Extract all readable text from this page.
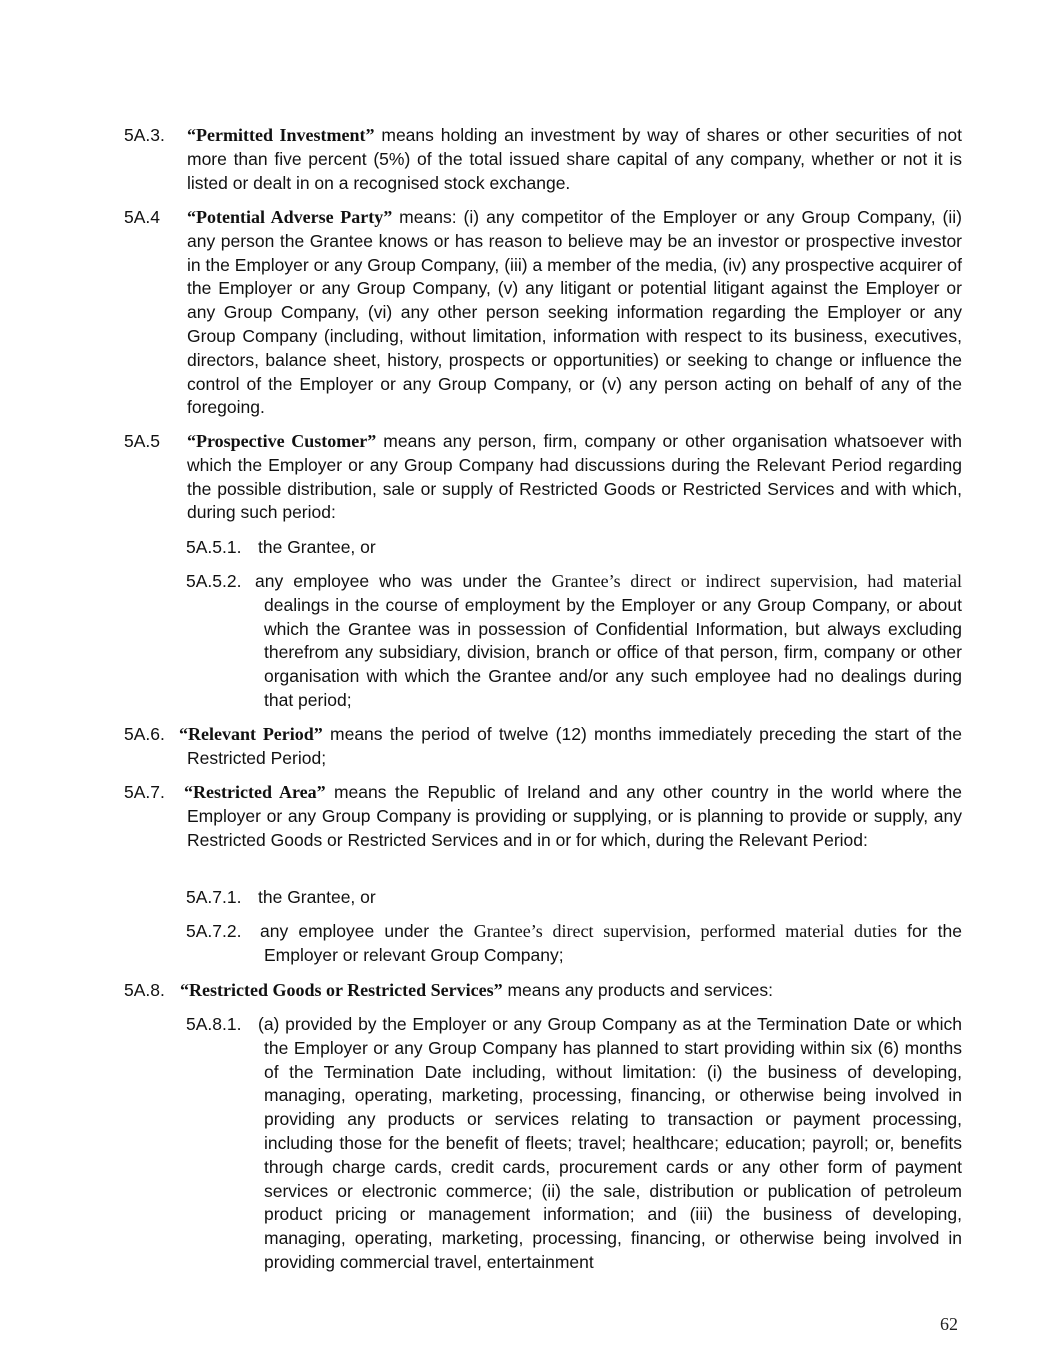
5A.3. “Permitted Investment” means holding an investment by way of shares or other securities of not more than five percent (5%) of the total issued share capital of any company, whether or not it is listed or dealt in on a recognised stock exchange.
5A.4 “Potential Adverse Party” means: (i) any competitor of the Employer or any Group Company, (ii) any person the Grantee knows or has reason to believe may be an investor or prospective investor in the Employer or any Group Company, (iii) a member of the media, (iv) any prospective acquirer of the Employer or any Group Company, (v) any litigant or potential litigant against the Employer or any Group Company, (vi) any other person seeking information regarding the Employer or any Group Company (including, without limitation, information with respect to its business, executives, directors, balance sheet, history, prospects or opportunities) or seeking to change or influence the control of the Employer or any Group Company, or (v) any person acting on behalf of any of the foregoing.
5A.5 “Prospective Customer” means any person, firm, company or other organisation whatsoever with which the Employer or any Group Company had discussions during the Relevant Period regarding the possible distribution, sale or supply of Restricted Goods or Restricted Services and with which, during such period:
5A.5.1. the Grantee, or
5A.5.2. any employee who was under the Grantee’s direct or indirect supervision, had material dealings in the course of employment by the Employer or any Group Company, or about which the Grantee was in possession of Confidential Information, but always excluding therefrom any subsidiary, division, branch or office of that person, firm, company or other organisation with which the Grantee and/or any such employee had no dealings during that period;
5A.6. “Relevant Period” means the period of twelve (12) months immediately preceding the start of the Restricted Period;
5A.7. “Restricted Area” means the Republic of Ireland and any other country in the world where the Employer or any Group Company is providing or supplying, or is planning to provide or supply, any Restricted Goods or Restricted Services and in or for which, during the Relevant Period:
5A.7.1. the Grantee, or
5A.7.2. any employee under the Grantee’s direct supervision, performed material duties for the Employer or relevant Group Company;
5A.8. “Restricted Goods or Restricted Services” means any products and services:
5A.8.1. (a) provided by the Employer or any Group Company as at the Termination Date or which the Employer or any Group Company has planned to start providing within six (6) months of the Termination Date including, without limitation: (i) the business of developing, managing, operating, marketing, processing, financing, or otherwise being involved in providing any products or services relating to transaction or payment processing, including those for the benefit of fleets; travel; healthcare; education; payroll; or, benefits through charge cards, credit cards, procurement cards or any other form of payment services or electronic commerce; (ii) the sale, distribution or publication of petroleum product pricing or management information; and (iii) the business of developing, managing, operating, marketing, processing, financing, or otherwise being involved in providing commercial travel, entertainment
62
